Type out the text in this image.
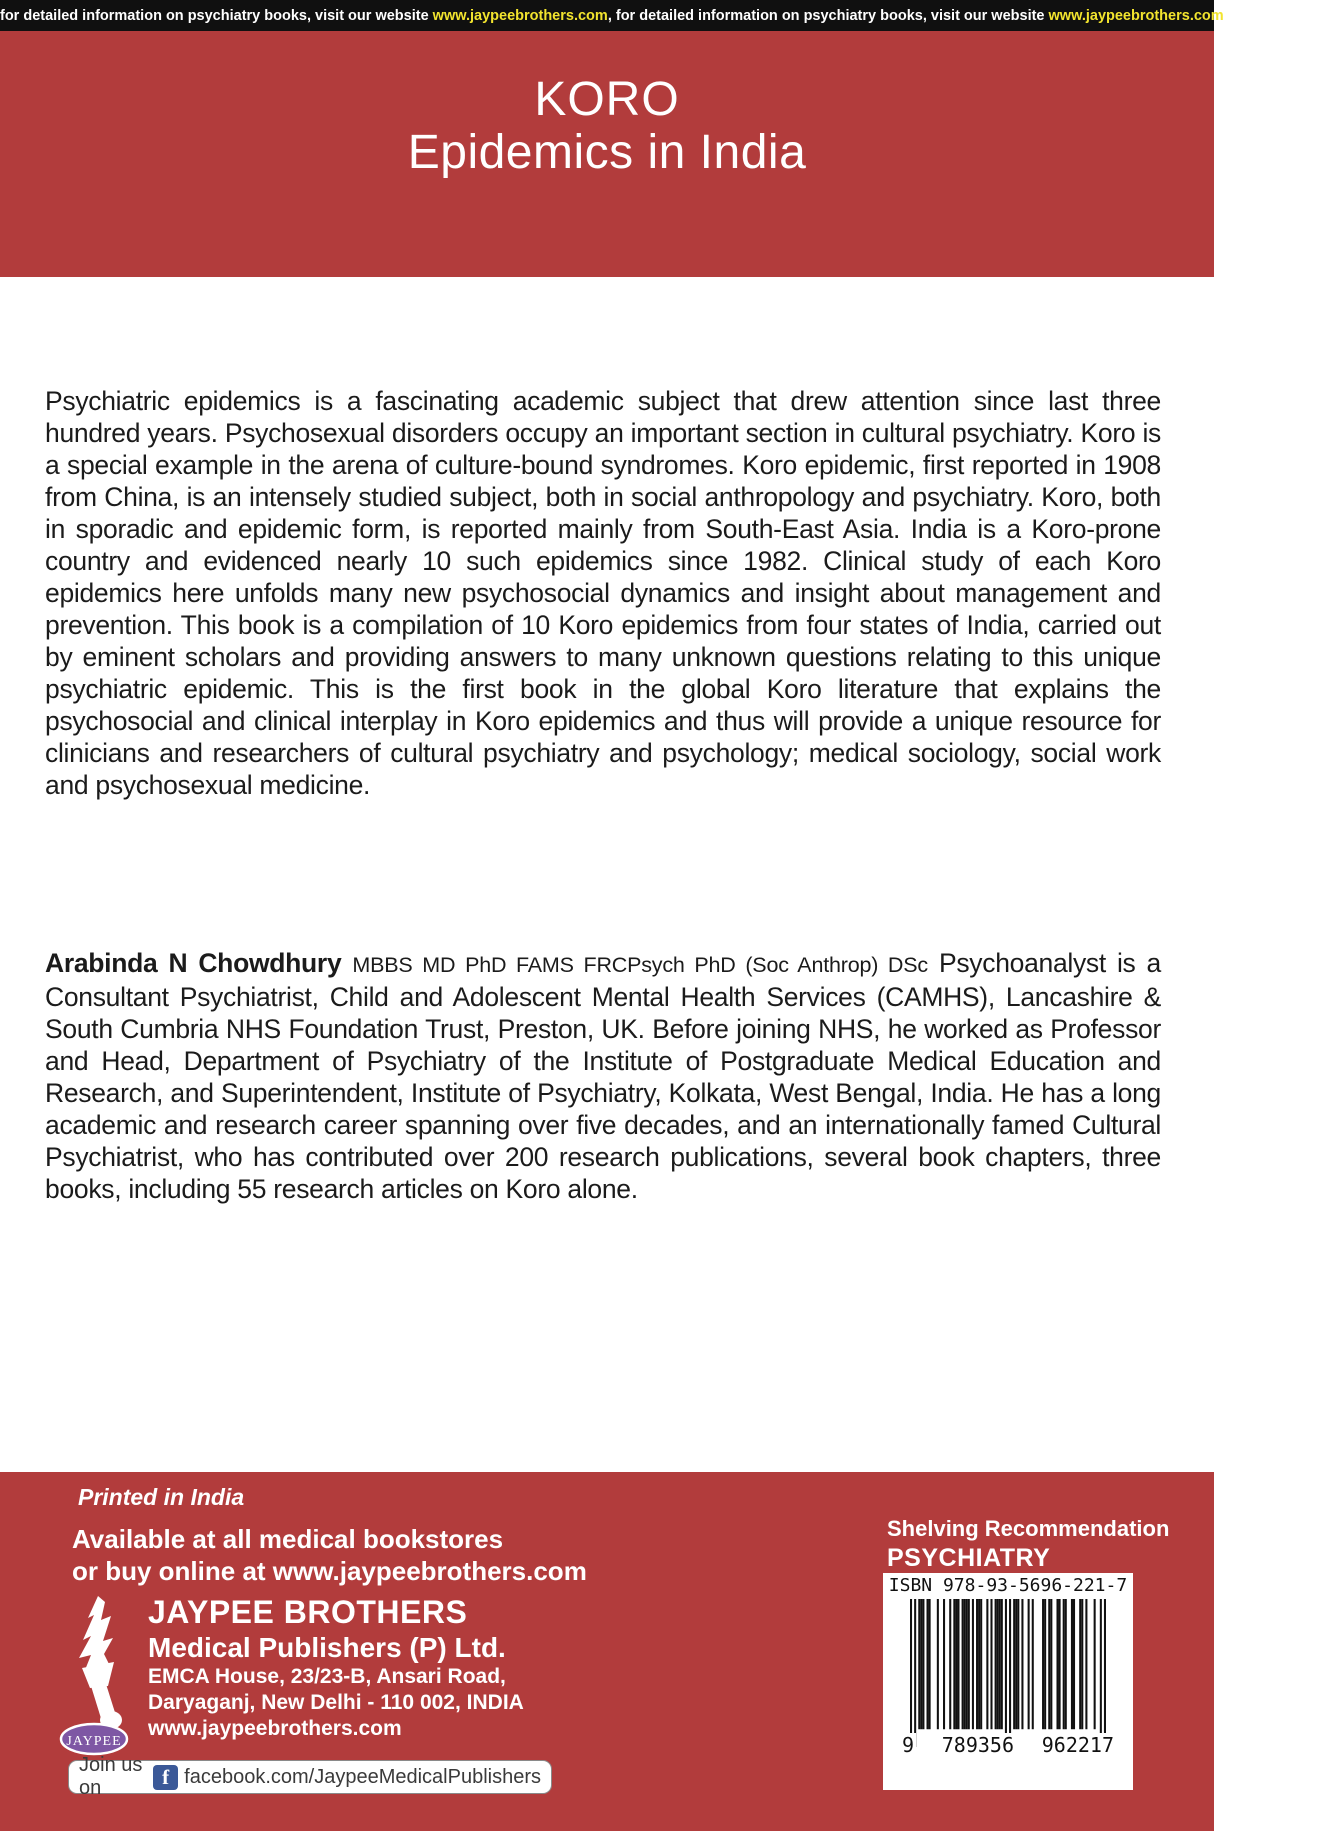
for detailed information on psychiatry books, visit our website www.jaypeebrothers.com , for detailed information on psychiatry books, visit our website www.jaypeebrothers.com , for detailed i
KORO
Epidemics in India

Psychiatric epidemics is a fascinating academic subject that drew attention since last three hundred years. Psychosexual disorders occupy an important section in cultural psychiatry. Koro is a special example in the arena of culture-bound syndromes. Koro epidemic, first reported in 1908 from China, is an intensely studied subject, both in social anthropology and psychiatry. Koro, both in sporadic and epidemic form, is reported mainly from South-East Asia. India is a Koro-prone country and evidenced nearly 10 such epidemics since 1982. Clinical study of each Koro epidemics here unfolds many new psychosocial dynamics and insight about management and prevention. This book is a compilation of 10 Koro epidemics from four states of India, carried out by eminent scholars and providing answers to many unknown questions relating to this unique psychiatric epidemic. This is the first book in the global Koro literature that explains the psychosocial and clinical interplay in Koro epidemics and thus will provide a unique resource for clinicians and researchers of cultural psychiatry and psychology; medical sociology, social work and psychosexual medicine.

Arabinda N Chowdhury MBBS MD PhD FAMS FRCPsych PhD (Soc Anthrop) DSc Psychoanalyst is a Consultant Psychiatrist, Child and Adolescent Mental Health Services (CAMHS), Lancashire & South Cumbria NHS Foundation Trust, Preston, UK. Before joining NHS, he worked as Professor and Head, Department of Psychiatry of the Institute of Postgraduate Medical Education and Research, and Superintendent, Institute of Psychiatry, Kolkata, West Bengal, India. He has a long academic and research career spanning over five decades, and an internationally famed Cultural Psychiatrist, who has contributed over 200 research publications, several book chapters, three books, including 55 research articles on Koro alone.

Printed in India
Available at all medical bookstores
or buy online at www.jaypeebrothers.com
JAYPEE
JAYPEE BROTHERS
Medical Publishers (P) Ltd.
EMCA House, 23/23-B, Ansari Road,
Daryaganj, New Delhi - 110 002, INDIA
www.jaypeebrothers.com
Join us on	f facebook.com/JaypeeMedicalPublishers
Shelving Recommendation
PSYCHIATRY
ISBN 978-93-5696-221-7
9 789356 962217
